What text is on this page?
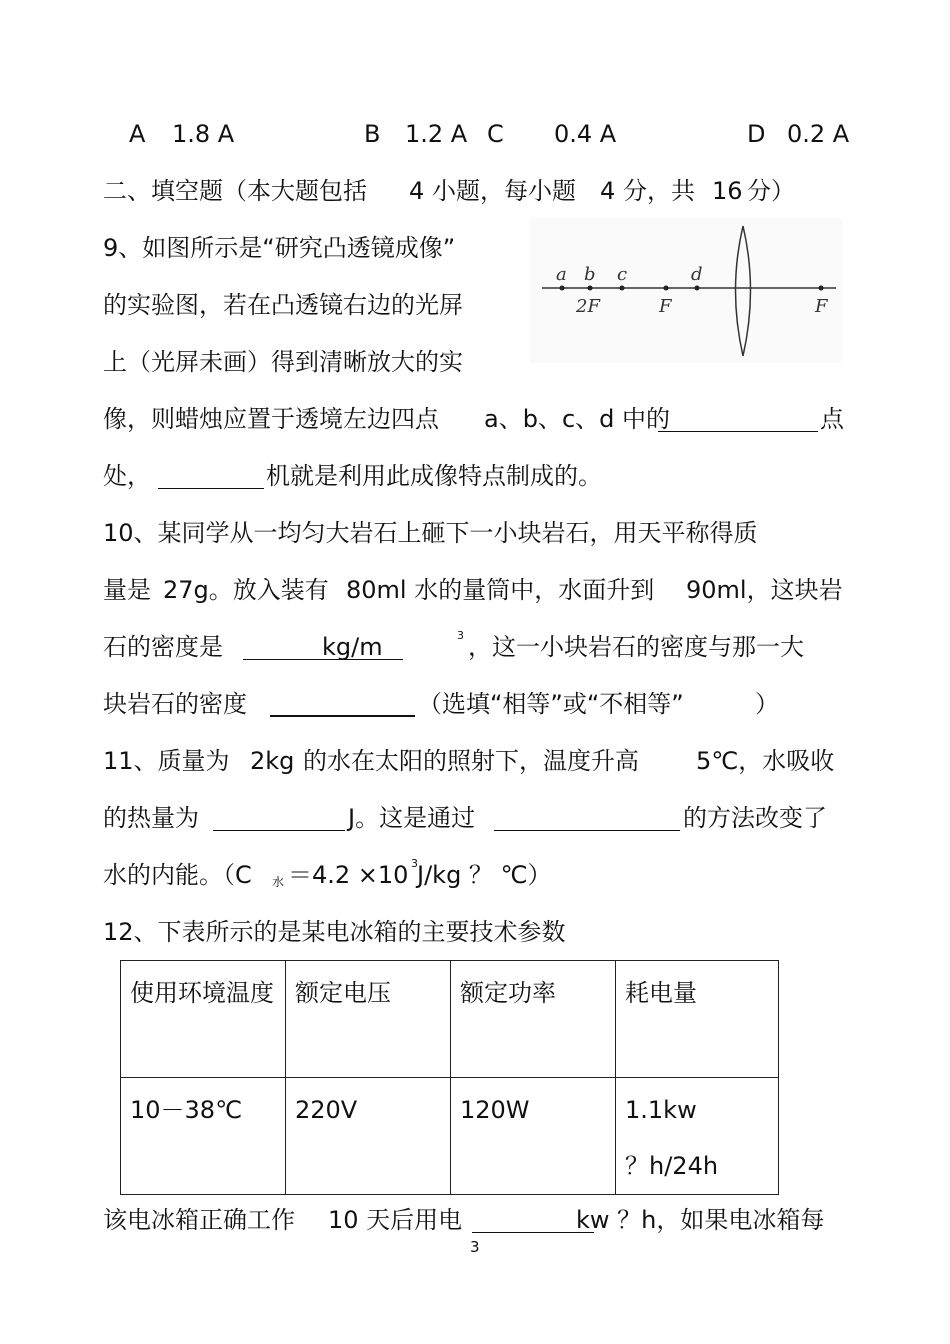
A 1.8 A	B 1.2 A C 0.4 A	D 0.2 A
二、填空题（本大题包括 4 小题，每小题 4 分，共 16 分）
9、如图所示是“研究凸透镜成像”
的实验图，若在凸透镜右边的光屏
上（光屏未画）得到清晰放大的实
像，则蜡烛应置于透境左边四点 a、b、c、d 中的	点
处，	机就是利用此成像特点制成的。
a b c	d
2F	F	F
10、某同学从一均匀大岩石上砸下一小块岩石，用天平称得质
量是 27g。放入装有 80ml 水的量筒中，水面升到 90ml，这块岩
石的密度是	kg/m	3 ，这一小块岩石的密度与那一大
块岩石的密度	（选填“相等”或“不相等”	）
11、质量为 2kg 的水在太阳的照射下，温度升高 5℃，水吸收
的热量为	J。这是通过	的方法改变了
水的内能。（C 水 ＝4.2 ×10 3 J/kg ？ ℃）
12、下表所示的是某电冰箱的主要技术参数
使用环境温度	额定电压	额定功率	耗电量

10－38℃	220V	120W	1.1kw ？h/24h
该电冰箱正确工作 10 天后用电	kw ？h，如果电冰箱每
3
